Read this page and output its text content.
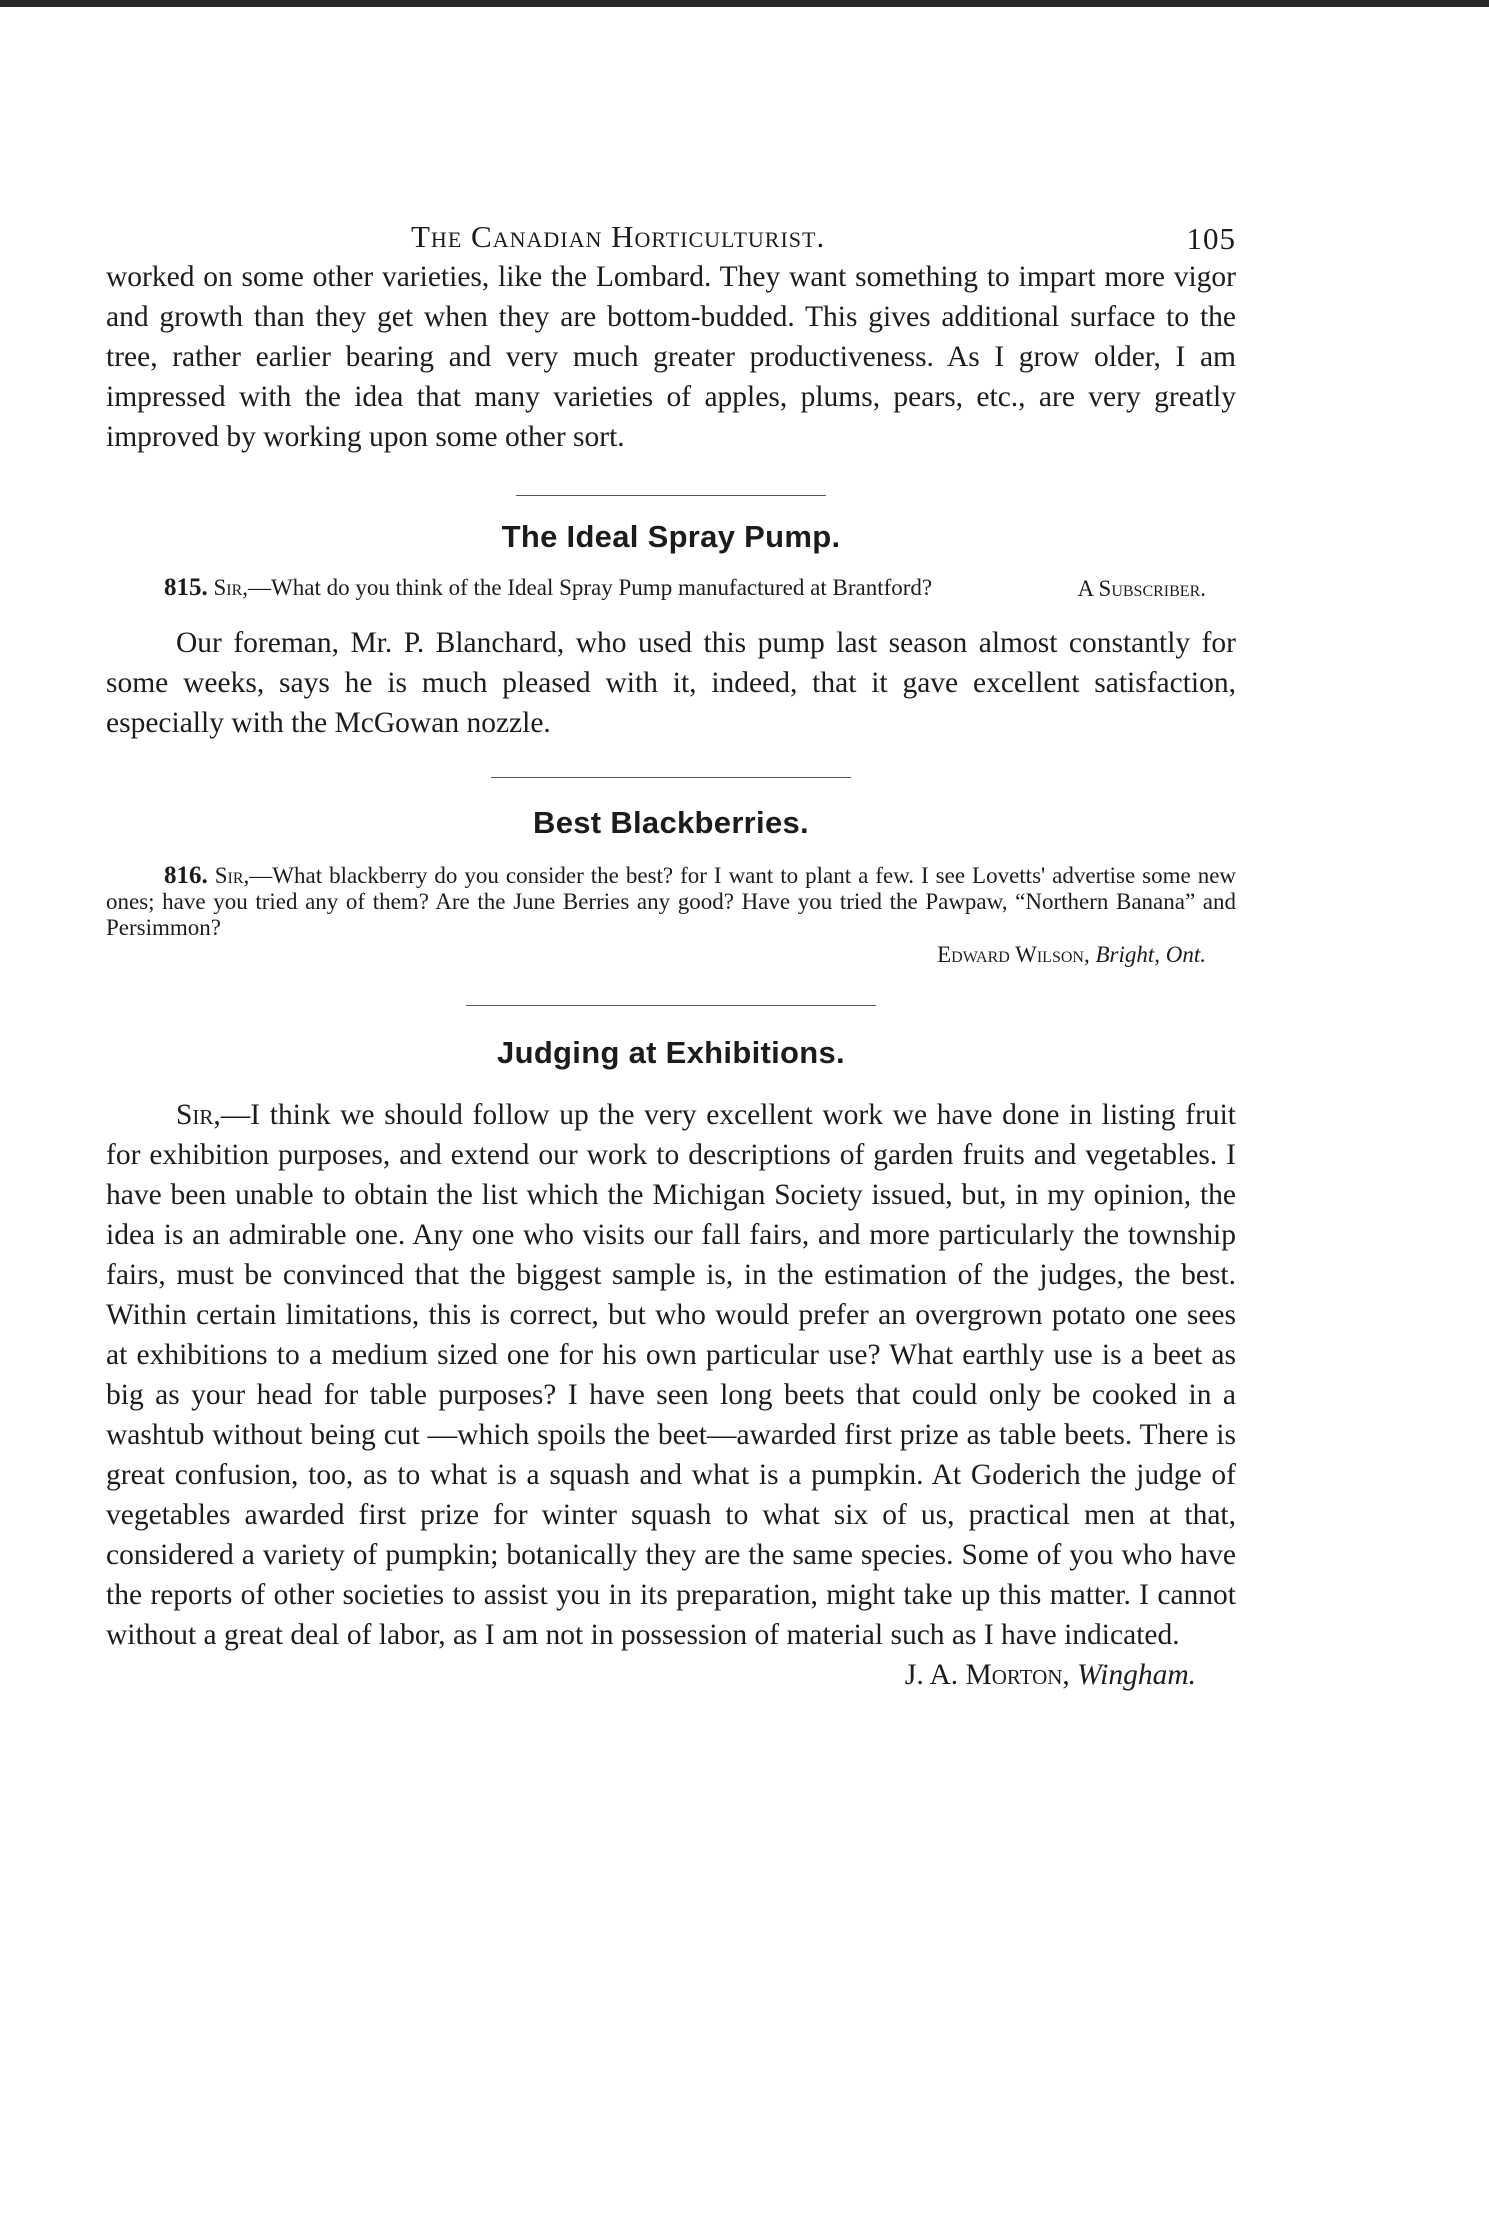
The Canadian Horticulturist.	105

worked on some other varieties, like the Lombard. They want something to impart more vigor and growth than they get when they are bottom-budded. This gives additional surface to the tree, rather earlier bearing and very much greater productiveness. As I grow older, I am impressed with the idea that many varieties of apples, plums, pears, etc., are very greatly improved by working upon some other sort.

The Ideal Spray Pump.

815. Sir,—What do you think of the Ideal Spray Pump manufactured at Brantford?	A Subscriber.

Our foreman, Mr. P. Blanchard, who used this pump last season almost constantly for some weeks, says he is much pleased with it, indeed, that it gave excellent satisfaction, especially with the McGowan nozzle.

Best Blackberries.

816. Sir,—What blackberry do you consider the best? for I want to plant a few. I see Lovetts' advertise some new ones; have you tried any of them? Are the June Berries any good? Have you tried the Pawpaw, “Northern Banana” and Persimmon?

Edward Wilson, Bright, Ont.

Judging at Exhibitions.

Sir,—I think we should follow up the very excellent work we have done in listing fruit for exhibition purposes, and extend our work to descriptions of garden fruits and vegetables. I have been unable to obtain the list which the Michigan Society issued, but, in my opinion, the idea is an admirable one. Any one who visits our fall fairs, and more particularly the township fairs, must be convinced that the biggest sample is, in the estimation of the judges, the best. Within certain limitations, this is correct, but who would prefer an overgrown potato one sees at exhibitions to a medium sized one for his own particular use? What earthly use is a beet as big as your head for table purposes? I have seen long beets that could only be cooked in a washtub without being cut —which spoils the beet—awarded first prize as table beets. There is great confusion, too, as to what is a squash and what is a pumpkin. At Goderich the judge of vegetables awarded first prize for winter squash to what six of us, practical men at that, considered a variety of pumpkin; botanically they are the same species. Some of you who have the reports of other societies to assist you in its preparation, might take up this matter. I cannot without a great deal of labor, as I am not in possession of material such as I have indicated.

J. A. Morton, Wingham.
